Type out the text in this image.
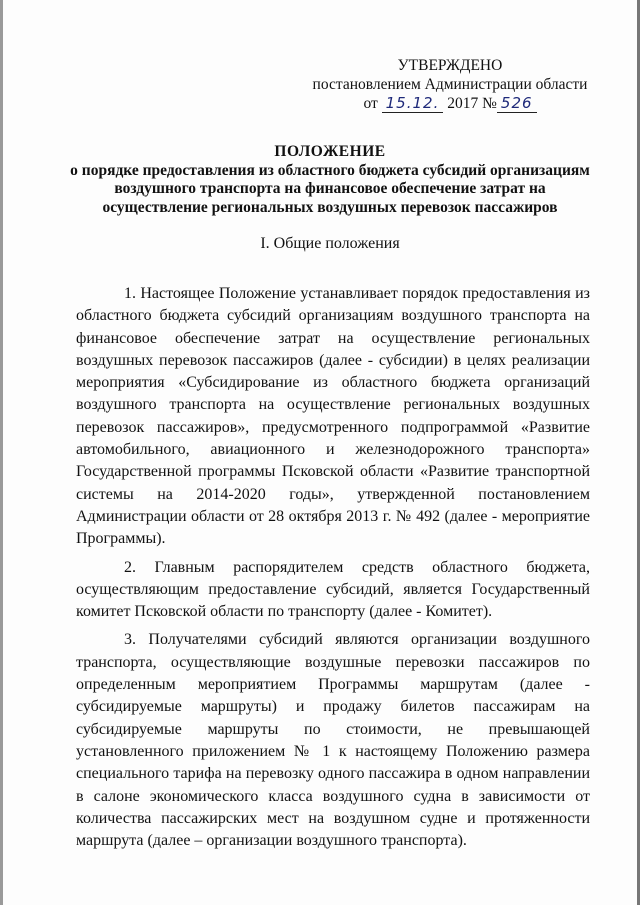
УТВЕРЖДЕНО
постановлением Администрации области
от 15.12. 2017 № 526
ПОЛОЖЕНИЕ
о порядке предоставления из областного бюджета субсидий организациям
воздушного транспорта на финансовое обеспечение затрат на
осуществление региональных воздушных перевозок пассажиров
I. Общие положения

1. Настоящее Положение устанавливает порядок предоставления из областного бюджета субсидий организациям воздушного транспорта на финансовое обеспечение затрат на осуществление региональных воздушных перевозок пассажиров (далее - субсидии) в целях реализации мероприятия «Субсидирование из областного бюджета организаций воздушного транспорта на осуществление региональных воздушных перевозок пассажиров», предусмотренного подпрограммой «Развитие автомобильного, авиационного и железнодорожного транспорта» Государственной программы Псковской области «Развитие транспортной системы на 2014-2020 годы», утвержденной постановлением Администрации области от 28 октября 2013 г. № 492 (далее - мероприятие Программы).

2. Главным распорядителем средств областного бюджета, осуществляющим предоставление субсидий, является Государственный комитет Псковской области по транспорту (далее - Комитет).

3. Получателями субсидий являются организации воздушного транспорта, осуществляющие воздушные перевозки пассажиров по определенным мероприятием Программы маршрутам (далее - субсидируемые маршруты) и продажу билетов пассажирам на субсидируемые маршруты по стоимости, не превышающей установленного приложением № 1 к настоящему Положению размера специального тарифа на перевозку одного пассажира в одном направлении в салоне экономического класса воздушного судна в зависимости от количества пассажирских мест на воздушном судне и протяженности маршрута (далее – организации воздушного транспорта).
